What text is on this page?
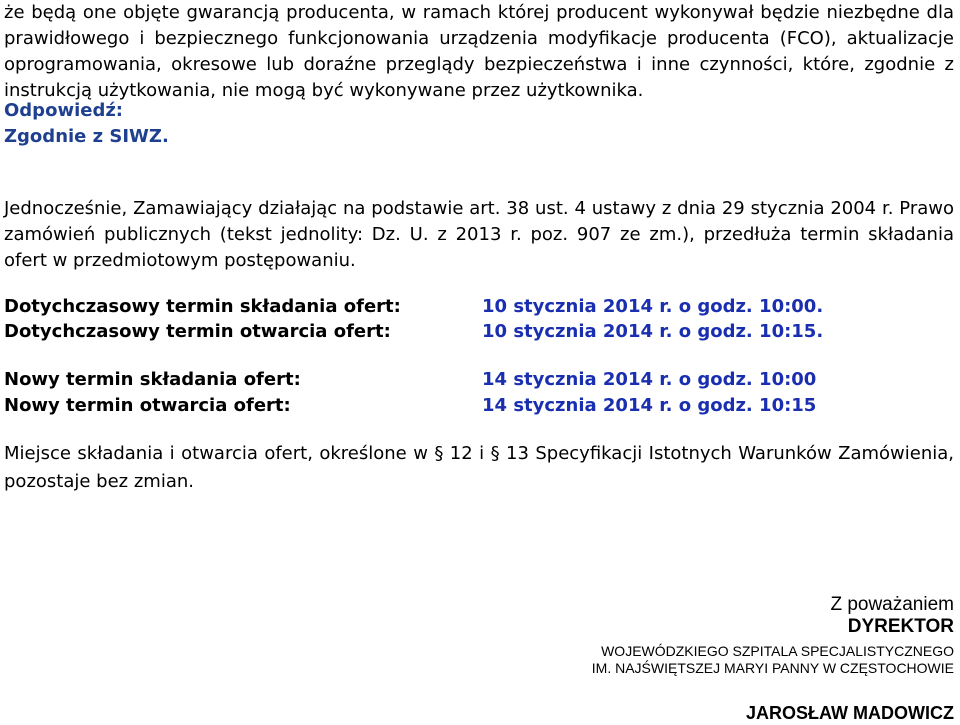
że będą one objęte gwarancją producenta, w ramach której producent wykonywał będzie niezbędne dla
prawidłowego i bezpiecznego funkcjonowania urządzenia modyfikacje producenta (FCO), aktualizacje
oprogramowania, okresowe lub doraźne przeglądy bezpieczeństwa i inne czynności, które, zgodnie z
instrukcją użytkowania, nie mogą być wykonywane przez użytkownika.
Odpowiedź:
Zgodnie z SIWZ.
Jednocześnie, Zamawiający działając na podstawie art. 38 ust. 4 ustawy z dnia 29 stycznia 2004 r. Prawo
zamówień publicznych (tekst jednolity: Dz. U. z 2013 r. poz. 907 ze zm.), przedłuża termin składania
ofert w przedmiotowym postępowaniu.
Dotychczasowy termin składania ofert:	10 stycznia 2014 r. o godz. 10:00.
Dotychczasowy termin otwarcia ofert:	10 stycznia 2014 r. o godz. 10:15.
Nowy termin składania ofert:	14 stycznia 2014 r. o godz. 10:00
Nowy termin otwarcia ofert:	14 stycznia 2014 r. o godz. 10:15
Miejsce składania i otwarcia ofert, określone w § 12 i § 13 Specyfikacji Istotnych Warunków Zamówienia,
pozostaje bez zmian.
Z poważaniem
DYREKTOR
WOJEWÓDZKIEGO SZPITALA SPECJALISTYCZNEGO
IM. NAJŚWIĘTSZEJ MARYI PANNY W CZĘSTOCHOWIE
JAROSŁAW MADOWICZ
